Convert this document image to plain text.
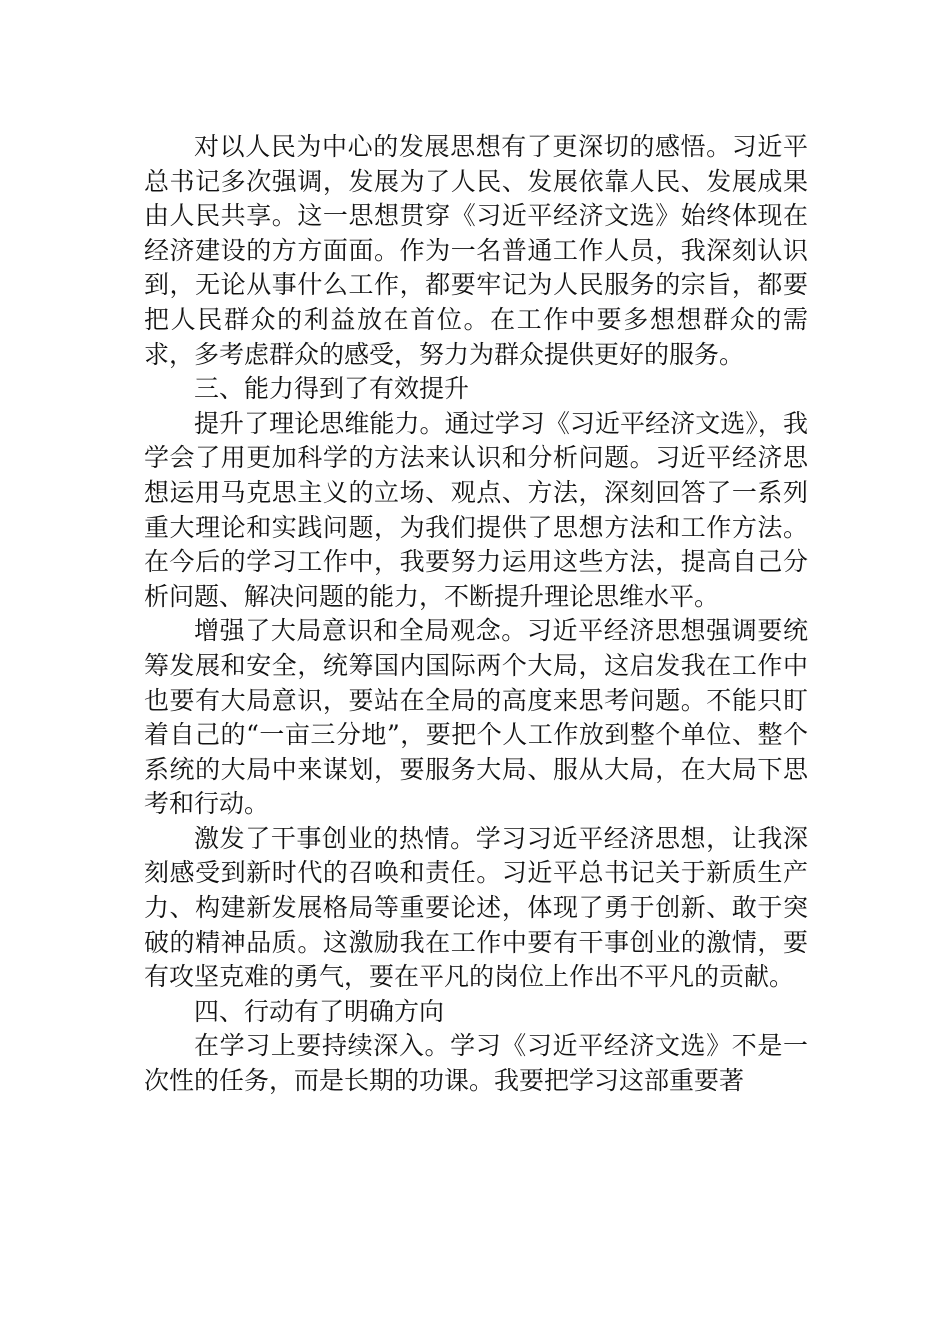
对以人民为中心的发展思想有了更深切的感悟。习近平总书记多次强调，发展为了人民、发展依靠人民、发展成果由人民共享。这一思想贯穿《习近平经济文选》始终体现在经济建设的方方面面。作为一名普通工作人员，我深刻认识到，无论从事什么工作，都要牢记为人民服务的宗旨，都要把人民群众的利益放在首位。在工作中要多想想群众的需求，多考虑群众的感受，努力为群众提供更好的服务。

三、能力得到了有效提升

提升了理论思维能力。通过学习《习近平经济文选》，我学会了用更加科学的方法来认识和分析问题。习近平经济思想运用马克思主义的立场、观点、方法，深刻回答了一系列重大理论和实践问题，为我们提供了思想方法和工作方法。在今后的学习工作中，我要努力运用这些方法，提高自己分析问题、解决问题的能力，不断提升理论思维水平。

增强了大局意识和全局观念。习近平经济思想强调要统筹发展和安全，统筹国内国际两个大局，这启发我在工作中也要有大局意识，要站在全局的高度来思考问题。不能只盯着自己的“一亩三分地”，要把个人工作放到整个单位、整个系统的大局中来谋划，要服务大局、服从大局，在大局下思考和行动。

激发了干事创业的热情。学习习近平经济思想，让我深刻感受到新时代的召唤和责任。习近平总书记关于新质生产力、构建新发展格局等重要论述，体现了勇于创新、敢于突破的精神品质。这激励我在工作中要有干事创业的激情，要有攻坚克难的勇气，要在平凡的岗位上作出不平凡的贡献。

四、行动有了明确方向

在学习上要持续深入。学习《习近平经济文选》不是一次性的任务，而是长期的功课。我要把学习这部重要著
